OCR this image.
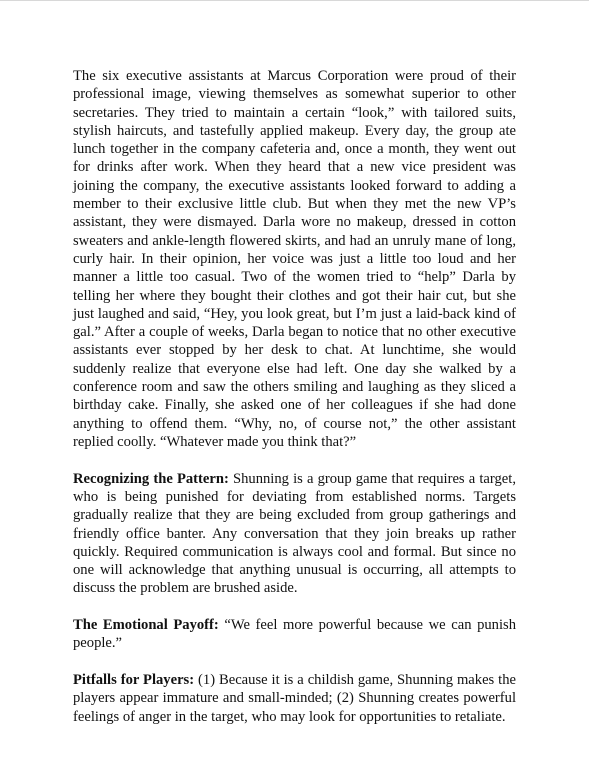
The six executive assistants at Marcus Corporation were proud of their professional image, viewing themselves as somewhat superior to other secretaries. They tried to maintain a certain “look,” with tailored suits, stylish haircuts, and tastefully applied makeup. Every day, the group ate lunch together in the company cafeteria and, once a month, they went out for drinks after work. When they heard that a new vice president was joining the company, the executive assistants looked forward to adding a member to their exclusive little club. But when they met the new VP’s assistant, they were dismayed. Darla wore no makeup, dressed in cotton sweaters and ankle-length flowered skirts, and had an unruly mane of long, curly hair. In their opinion, her voice was just a little too loud and her manner a little too casual. Two of the women tried to “help” Darla by telling her where they bought their clothes and got their hair cut, but she just laughed and said, “Hey, you look great, but I’m just a laid-back kind of gal.” After a couple of weeks, Darla began to notice that no other executive assistants ever stopped by her desk to chat. At lunchtime, she would suddenly realize that everyone else had left. One day she walked by a conference room and saw the others smiling and laughing as they sliced a birthday cake. Finally, she asked one of her colleagues if she had done anything to offend them. “Why, no, of course not,” the other assistant replied coolly. “Whatever made you think that?”

Recognizing the Pattern: Shunning is a group game that requires a target, who is being punished for deviating from established norms. Targets gradually realize that they are being excluded from group gatherings and friendly office banter. Any conversation that they join breaks up rather quickly. Required communication is always cool and formal. But since no one will acknowledge that anything unusual is occurring, all attempts to discuss the problem are brushed aside.

The Emotional Payoff: “We feel more powerful because we can punish people.”

Pitfalls for Players: (1) Because it is a childish game, Shunning makes the players appear immature and small-minded; (2) Shunning creates powerful feelings of anger in the target, who may look for opportunities to retaliate.
